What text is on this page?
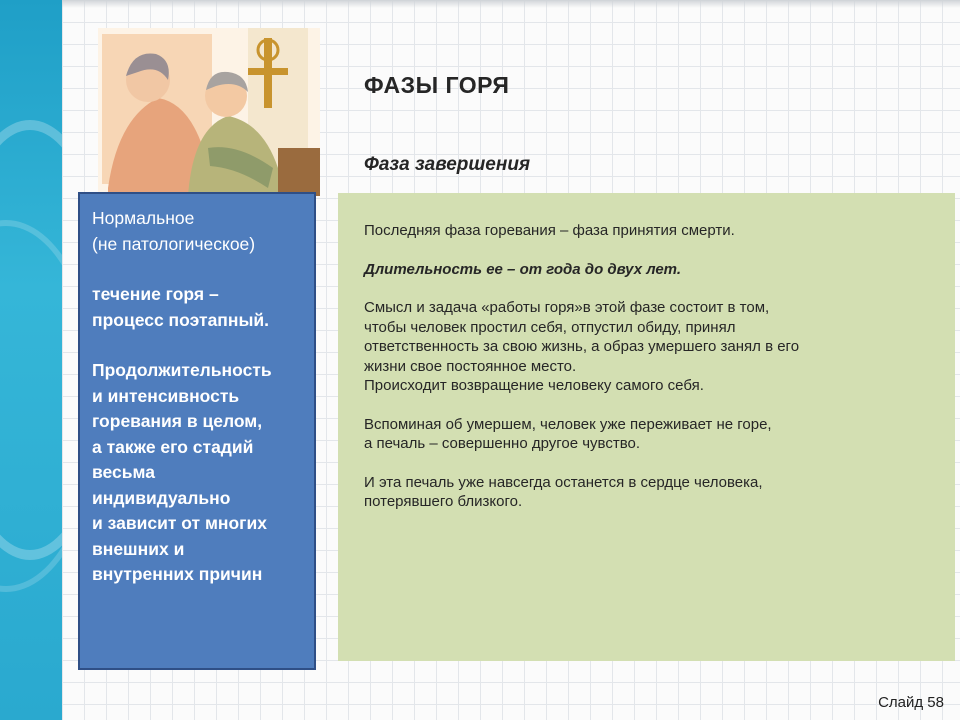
ФАЗЫ ГОРЯ
Фаза завершения

Нормальное

(не патологическое)

течение горя –

процесс поэтапный.

Продолжительность

и интенсивность

горевания в целом,

а также его стадий

весьма

индивидуально

и зависит от многих

внешних и

внутренних причин

Последняя фаза горевания – фаза принятия смерти.

Длительность ее – от года до двух лет.

Смысл и задача «работы горя»в этой фазе состоит в том,

чтобы человек простил себя, отпустил обиду, принял

ответственность за свою жизнь, а образ умершего занял в его

жизни свое постоянное место.

Происходит возвращение человеку самого себя.

Вспоминая об умершем, человек уже переживает не горе,

а печаль – совершенно другое чувство.

И эта печаль уже навсегда останется в сердце человека,

потерявшего близкого.

Слайд 58
